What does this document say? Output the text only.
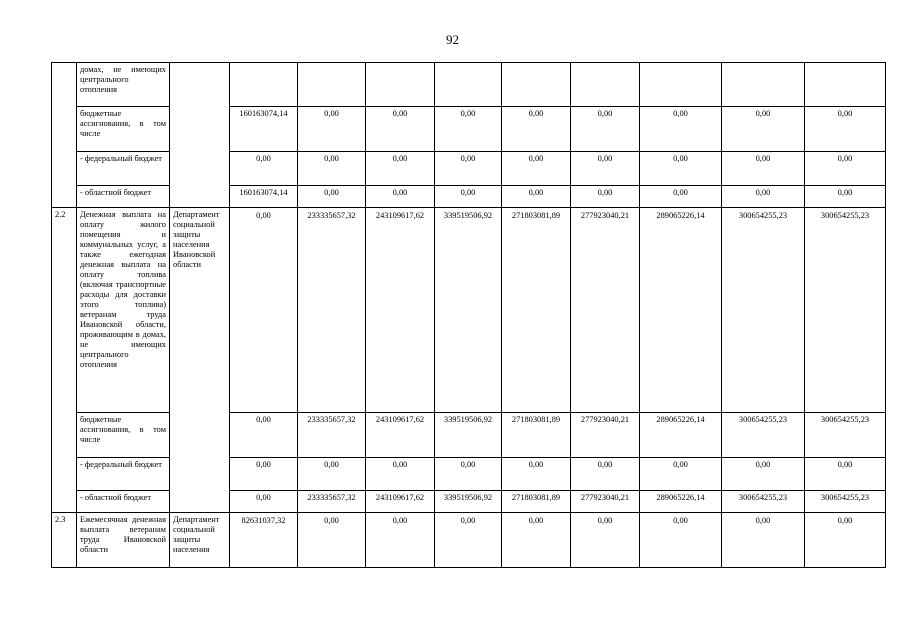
92
	домах, не имеющих центрального отопления										
	бюджетные ассигнования, в том числе		160163074,14	0,00	0,00	0,00	0,00	0,00	0,00	0,00	0,00
	- федеральный бюджет		0,00	0,00	0,00	0,00	0,00	0,00	0,00	0,00	0,00
	- областной бюджет		160163074,14	0,00	0,00	0,00	0,00	0,00	0,00	0,00	0,00
2.2	Денежная выплата на оплату жилого помещения и коммунальных услуг, а также ежегодная денежная выплата на оплату топлива (включая транспортные расходы для доставки этого топлива) ветеранам труда Ивановской области, проживающим в домах, не имеющих центрального отопления	Департамент социальной защиты населения Ивановской области	0,00	233335657,32	243109617,62	339519506,92	271803081,89	277923040,21	289065226,14	300654255,23	300654255,23
	бюджетные ассигнования, в том числе		0,00	233335657,32	243109617,62	339519506,92	271803081,89	277923040,21	289065226,14	300654255,23	300654255,23
	- федеральный бюджет		0,00	0,00	0,00	0,00	0,00	0,00	0,00	0,00	0,00
	- областной бюджет		0,00	233335657,32	243109617,62	339519506,92	271803081,89	277923040,21	289065226,14	300654255,23	300654255,23
2.3	Ежемесячная денежная выплата ветеранам труда Ивановской области	Департамент социальной защиты населения	82631037,32	0,00	0,00	0,00	0,00	0,00	0,00	0,00	0,00
